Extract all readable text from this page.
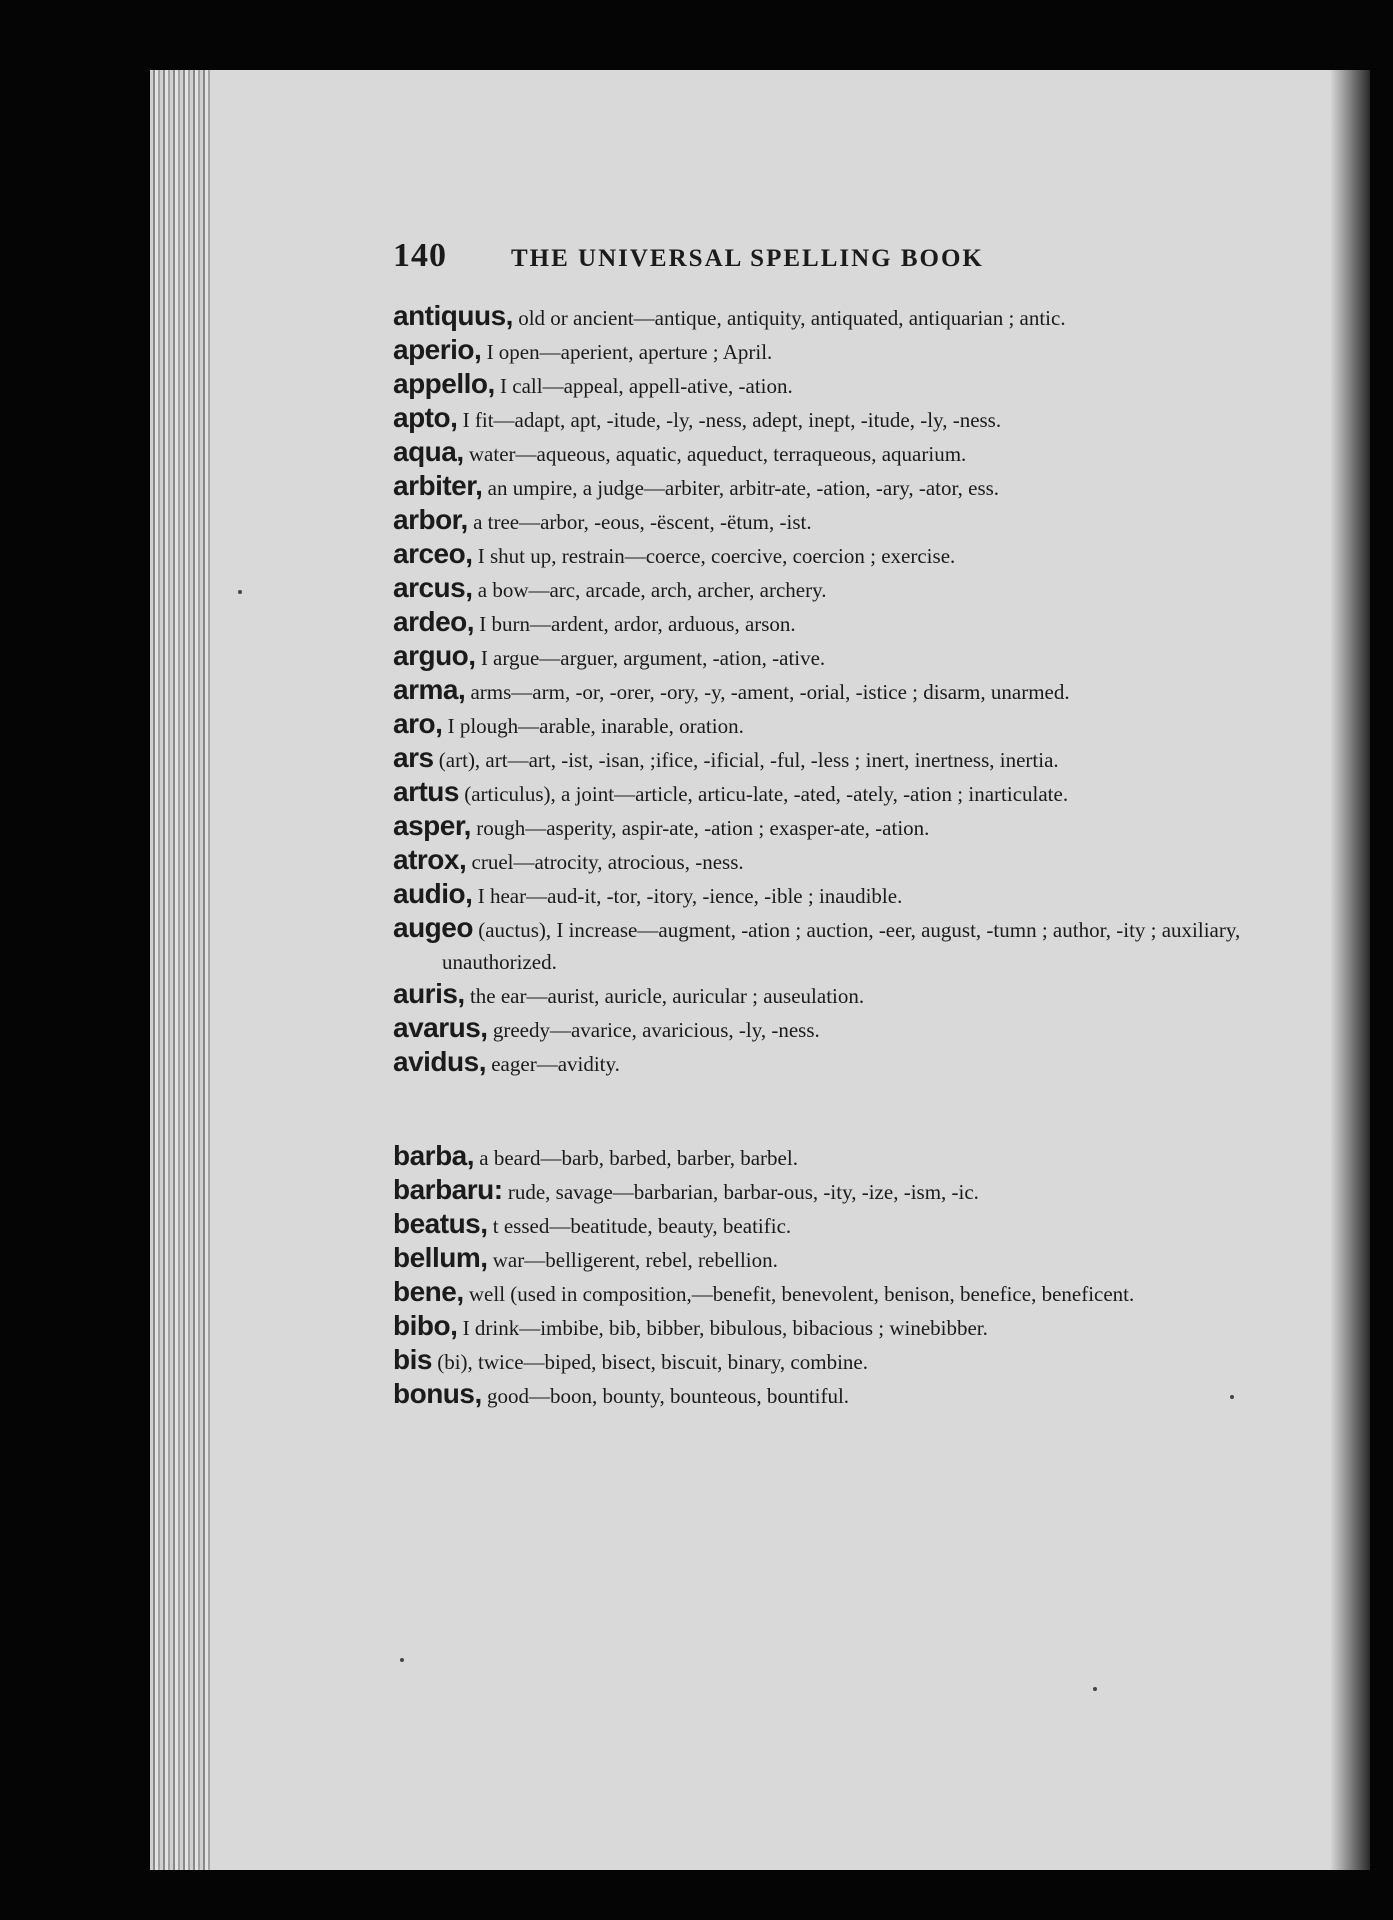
140	THE UNIVERSAL SPELLING BOOK
antiquus, old or ancient—antique, antiquity, antiquated, antiquarian ; antic.
aperio, I open—aperient, aperture ; April.
appello, I call—appeal, appell-ative, -ation.
apto, I fit—adapt, apt, -itude, -ly, -ness, adept, inept, -itude, -ly, -ness.
aqua, water—aqueous, aquatic, aqueduct, terraqueous, aquarium.
arbiter, an umpire, a judge—arbiter, arbitr-ate, -ation, -ary, -ator, ess.
arbor, a tree—arbor, -eous, -ëscent, -ëtum, -ist.
arceo, I shut up, restrain—coerce, coercive, coercion ; exercise.
arcus, a bow—arc, arcade, arch, archer, archery.
ardeo, I burn—ardent, ardor, arduous, arson.
arguo, I argue—arguer, argument, -ation, -ative.
arma, arms—arm, -or, -orer, -ory, -y, -ament, -orial, -istice ; disarm, unarmed.
aro, I plough—arable, inarable, oration.
ars (art), art—art, -ist, -isan, ;ifice, -ificial, -ful, -less ; inert, inertness, inertia.
artus (articulus), a joint—article, articu-late, -ated, -ately, -ation ; inarticulate.
asper, rough—asperity, aspir-ate, -ation ; exasper-ate, -ation.
atrox, cruel—atrocity, atrocious, -ness.
audio, I hear—aud-it, -tor, -itory, -ience, -ible ; inaudible.
augeo (auctus), I increase—augment, -ation ; auction, -eer, august, -tumn ; author, -ity ; auxiliary, unauthorized.
auris, the ear—aurist, auricle, auricular ; auseulation.
avarus, greedy—avarice, avaricious, -ly, -ness.
avidus, eager—avidity.
barba, a beard—barb, barbed, barber, barbel.
barbaru: rude, savage—barbarian, barbar-ous, -ity, -ize, -ism, -ic.
beatus, t essed—beatitude, beauty, beatific.
bellum, war—belligerent, rebel, rebellion.
bene, well (used in composition,—benefit, benevolent, benison, benefice, beneficent.
bibo, I drink—imbibe, bib, bibber, bibulous, bibacious ; winebibber.
bis (bi), twice—biped, bisect, biscuit, binary, combine.
bonus, good—boon, bounty, bounteous, bountiful.
